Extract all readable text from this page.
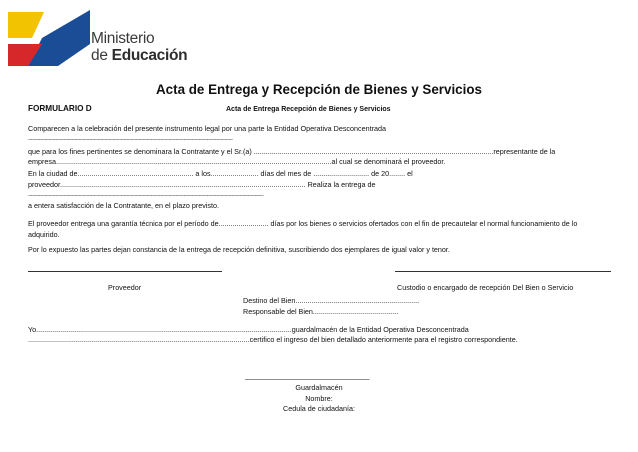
Ministerio
de Educación
Acta de Entrega y Recepción de Bienes y Servicios
FORMULARIO D	Acta de Entrega Recepción de Bienes y Servicios
Comparecen a la celebración del presente instrumento legal por una parte la Entidad Operativa Desconcentrada
...................................................................................................................................................................................................................................................................
que para los fines pertinentes se denominara la Contratante y el Sr.(a) ........................................................................................................................representante de la
empresa..........................................................................................................................................al cual se denominará el proveedor.
En la ciudad de.......................................................... a los........................ días del mes de ............................ de 20........ el
proveedor........................................................................................................................... Realiza la entrega de
..........................................................................................................................................................................................................................................................................................................
a entera satisfacción de la Contratante, en el plazo previsto.
El proveedor entrega una garantía técnica por el período de......................... días por los bienes o servicios ofertados con el fin de precautelar el normal funcionamiento de lo
adquirido.
Por lo expuesto las partes dejan constancia de la entrega de recepción definitiva, suscribiendo dos ejemplares de igual valor y tenor.
Proveedor	Custodio o encargado de recepción Del Bien o Servicio
Destino del Bien..............................................................
Responsable del Bien...........................................
Yo................................................................................................................................guardalmacén de la Entidad Operativa Desconcentrada
...............................................................................................................certifico el ingreso del bien detallado anteriormente para el registro correspondiente.
________________________________
Guardalmacén
Nombre:
Cedula de ciudadanía:
